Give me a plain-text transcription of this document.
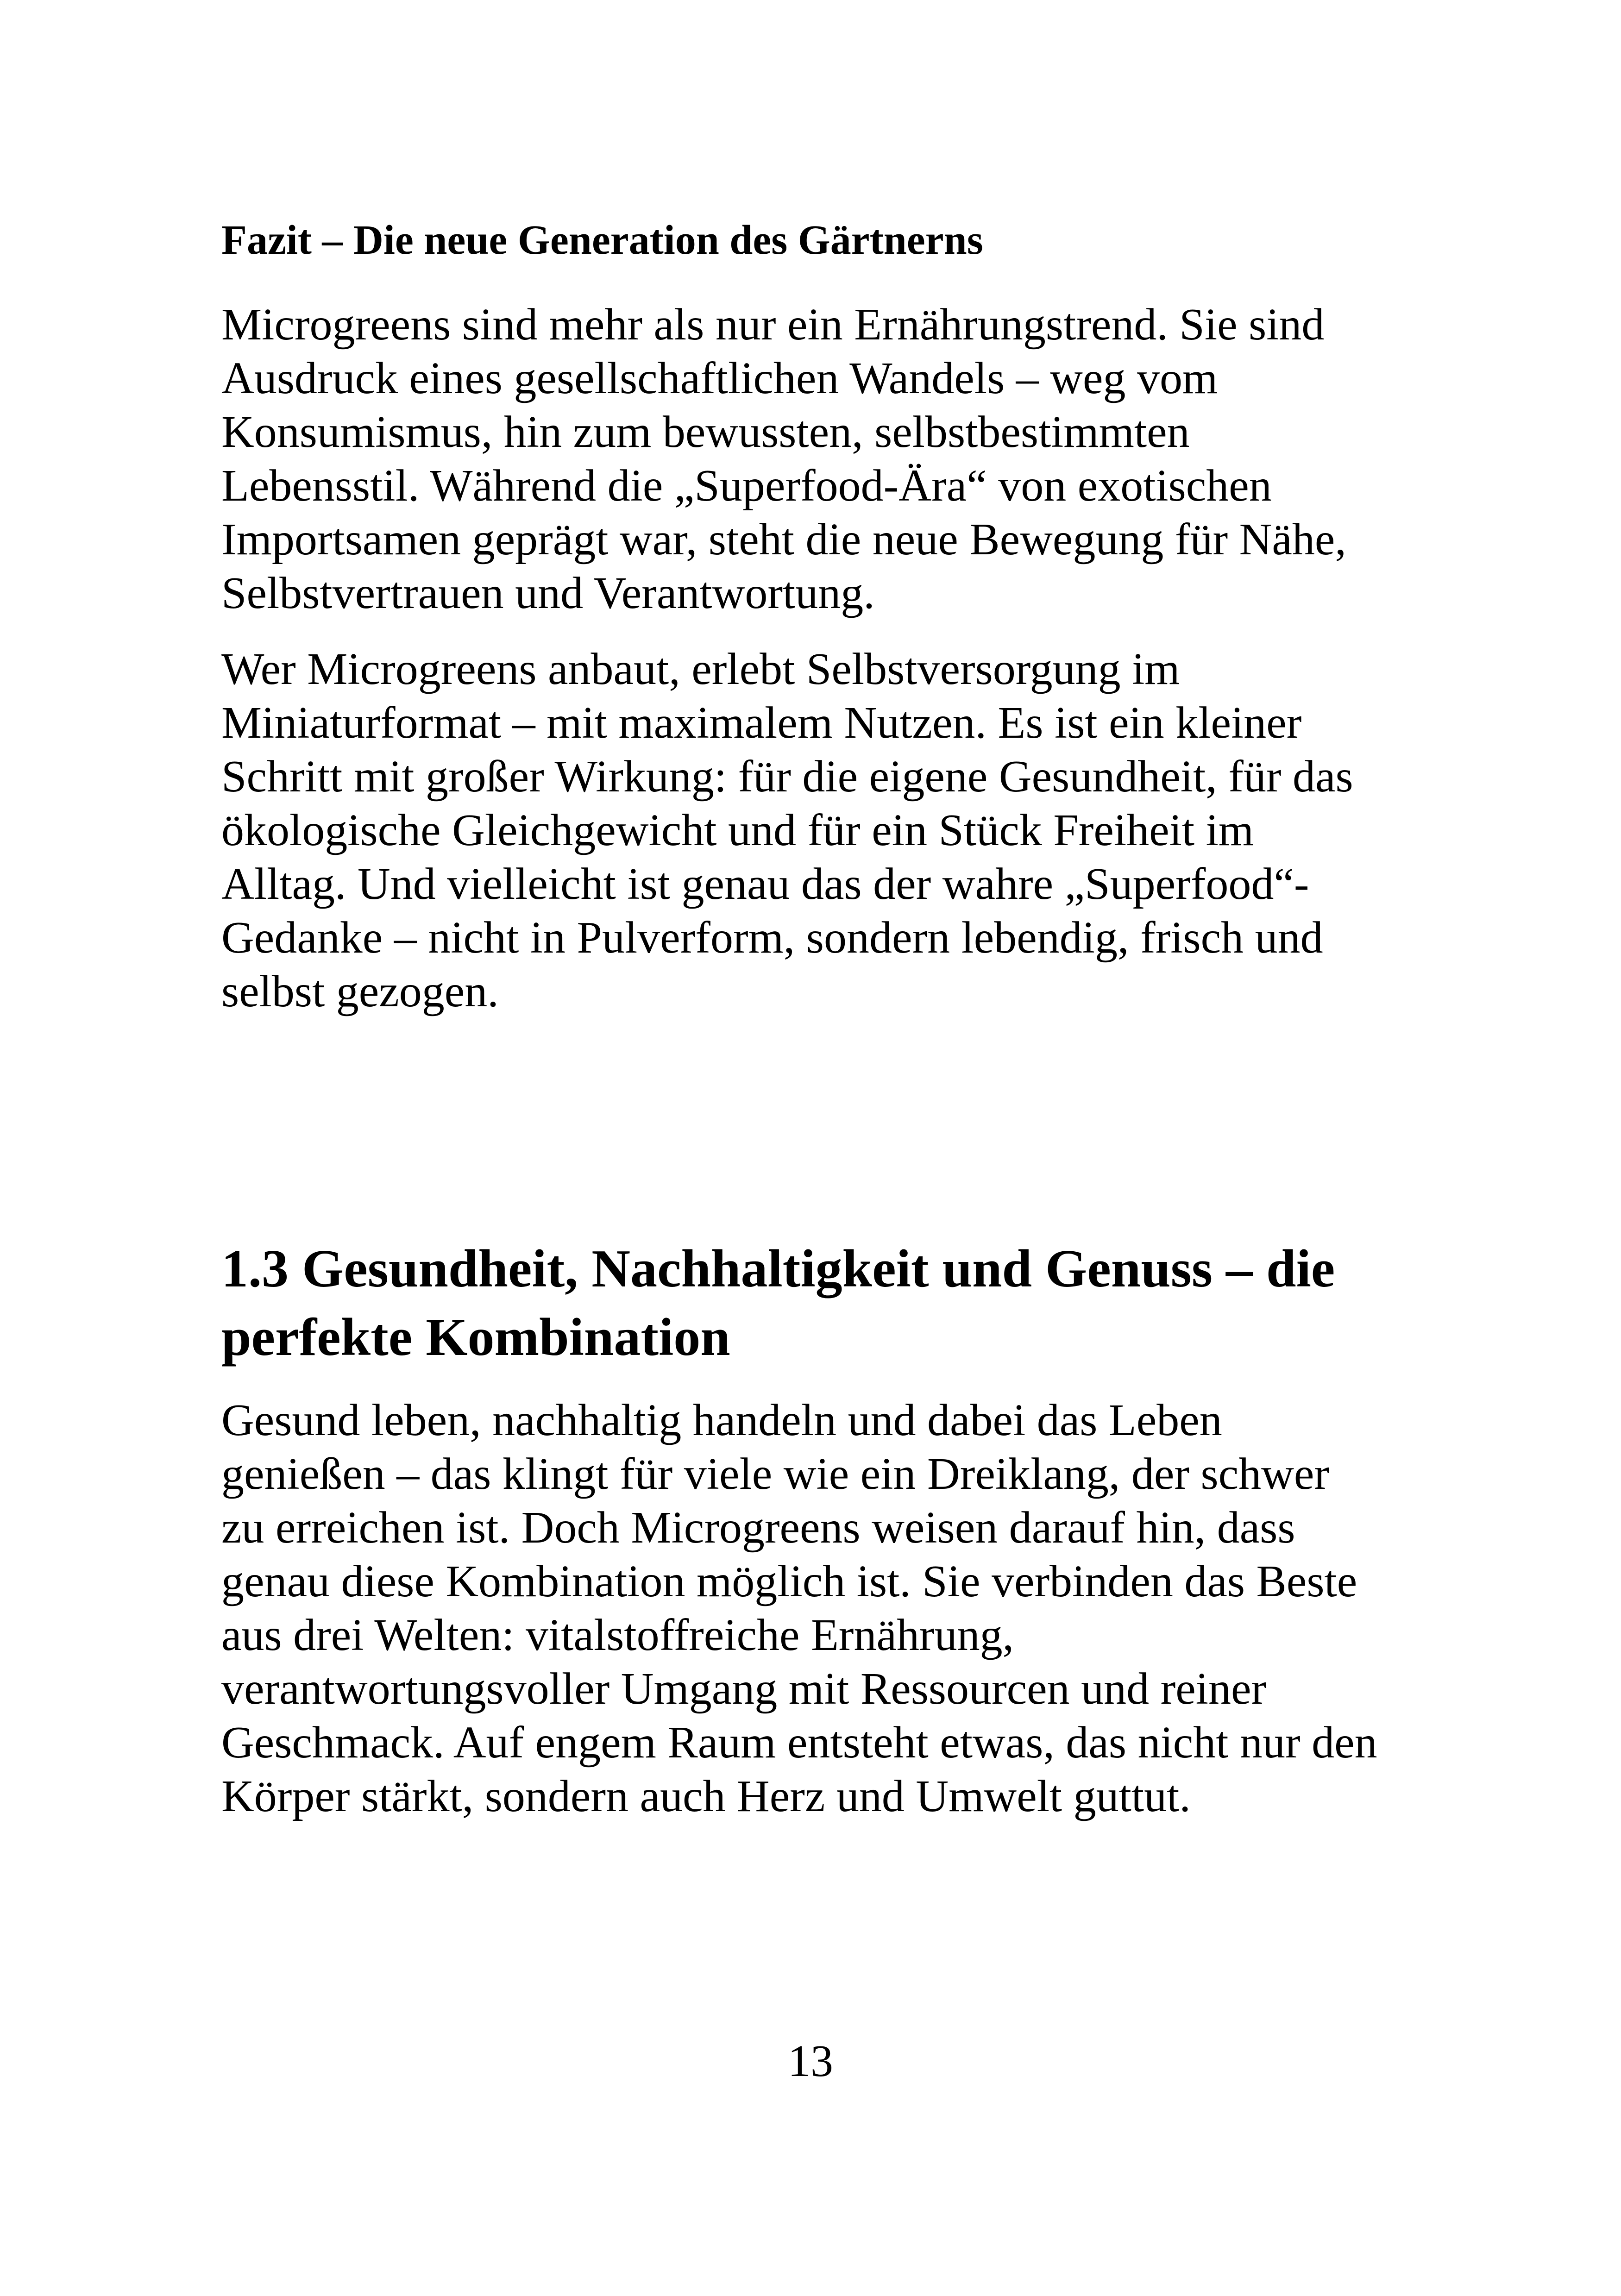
Fazit – Die neue Generation des Gärtnerns
Microgreens sind mehr als nur ein Ernährungstrend. Sie sind
Ausdruck eines gesellschaftlichen Wandels – weg vom
Konsumismus, hin zum bewussten, selbstbestimmten
Lebensstil. Während die „Superfood-Ära“ von exotischen
Importsamen geprägt war, steht die neue Bewegung für Nähe,
Selbstvertrauen und Verantwortung.
Wer Microgreens anbaut, erlebt Selbstversorgung im
Miniaturformat – mit maximalem Nutzen. Es ist ein kleiner
Schritt mit großer Wirkung: für die eigene Gesundheit, für das
ökologische Gleichgewicht und für ein Stück Freiheit im
Alltag. Und vielleicht ist genau das der wahre „Superfood“-
Gedanke – nicht in Pulverform, sondern lebendig, frisch und
selbst gezogen.
1.3 Gesundheit, Nachhaltigkeit und Genuss – die
perfekte Kombination
Gesund leben, nachhaltig handeln und dabei das Leben
genießen – das klingt für viele wie ein Dreiklang, der schwer
zu erreichen ist. Doch Microgreens weisen darauf hin, dass
genau diese Kombination möglich ist. Sie verbinden das Beste
aus drei Welten: vitalstoffreiche Ernährung,
verantwortungsvoller Umgang mit Ressourcen und reiner
Geschmack. Auf engem Raum entsteht etwas, das nicht nur den
Körper stärkt, sondern auch Herz und Umwelt guttut.
13
